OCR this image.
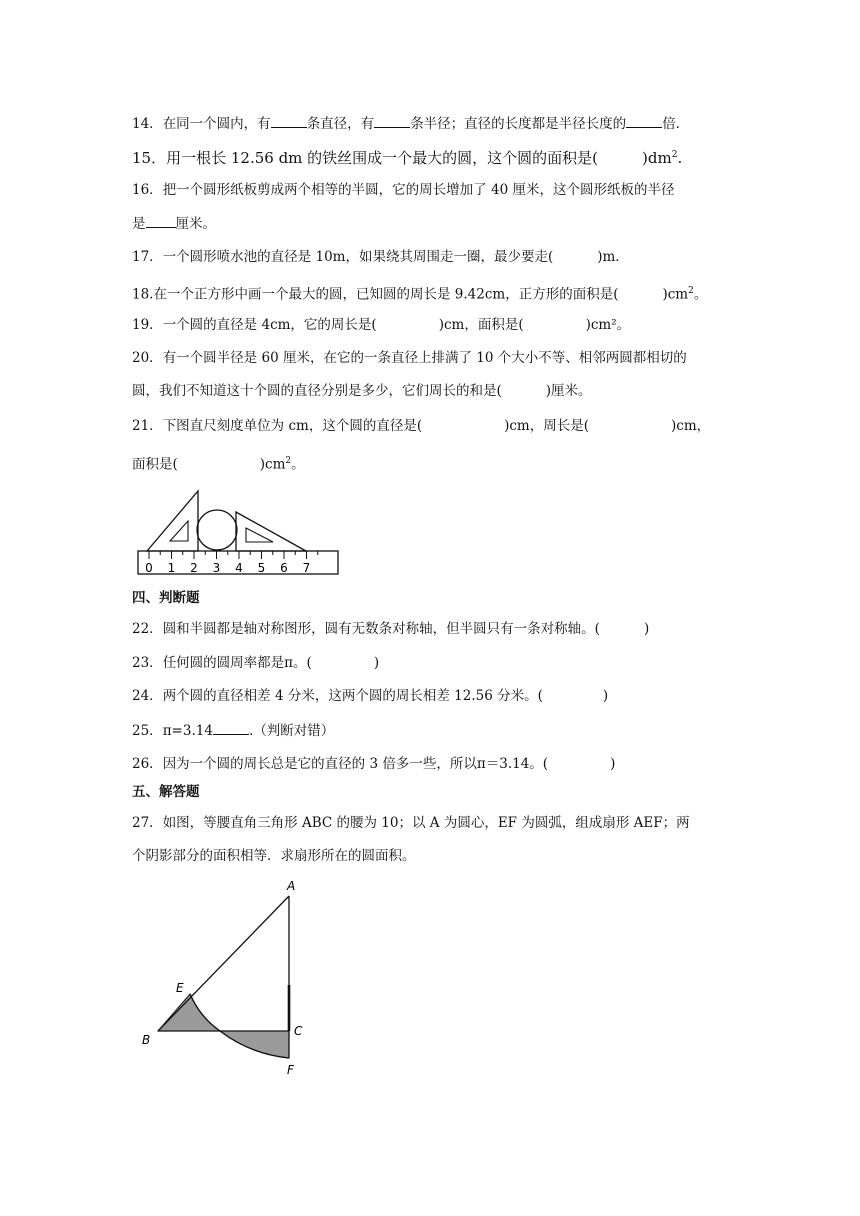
14．在同一个圆内，有	条直径，有	条半径；直径的长度都是半径长度的	倍．
15．用一根长 12.56 dm 的铁丝围成一个最大的圆，这个圆的面积是(	)$dm^2$.
16．把一个圆形纸板剪成两个相等的半圆，它的周长增加了 40 厘米，这个圆形纸板的半径
是 厘米。
17．一个圆形喷水池的直径是 10m，如果绕其周围走一圈，最少要走(	)m．
18.在一个正方形中画一个最大的圆，已知圆的周长是 9.42cm，正方形的面积是(	)$cm^2$。
19．一个圆的直径是 4cm，它的周长是(	)cm，面积是(	)cm²。
20．有一个圆半径是 60 厘米，在它的一条直径上排满了 10 个大小不等、相邻两圆都相切的
圆，我们不知道这十个圆的直径分别是多少，它们周长的和是(	)厘米。
21．下图直尺刻度单位为 cm，这个圆的直径是(	)cm，周长是(	)cm，
面积是(	)$cm^2$。
0 1 2 3 4 5 6 7
四、判断题
22．圆和半圆都是轴对称图形，圆有无数条对称轴，但半圆只有一条对称轴。(	)
23．任何圆的圆周率都是π。(	)
24．两个圆的直径相差 4 分米，这两个圆的周长相差 12.56 分米。(	)
25．π=3.14	.（判断对错）
26．因为一个圆的周长总是它的直径的 3 倍多一些，所以π＝3.14。(	)
五、解答题
27．如图，等腰直角三角形 ABC 的腰为 10；以 A 为圆心，EF 为圆弧，组成扇形 AEF；两
个阴影部分的面积相等．求扇形所在的圆面积。
A
E
B
C
F
